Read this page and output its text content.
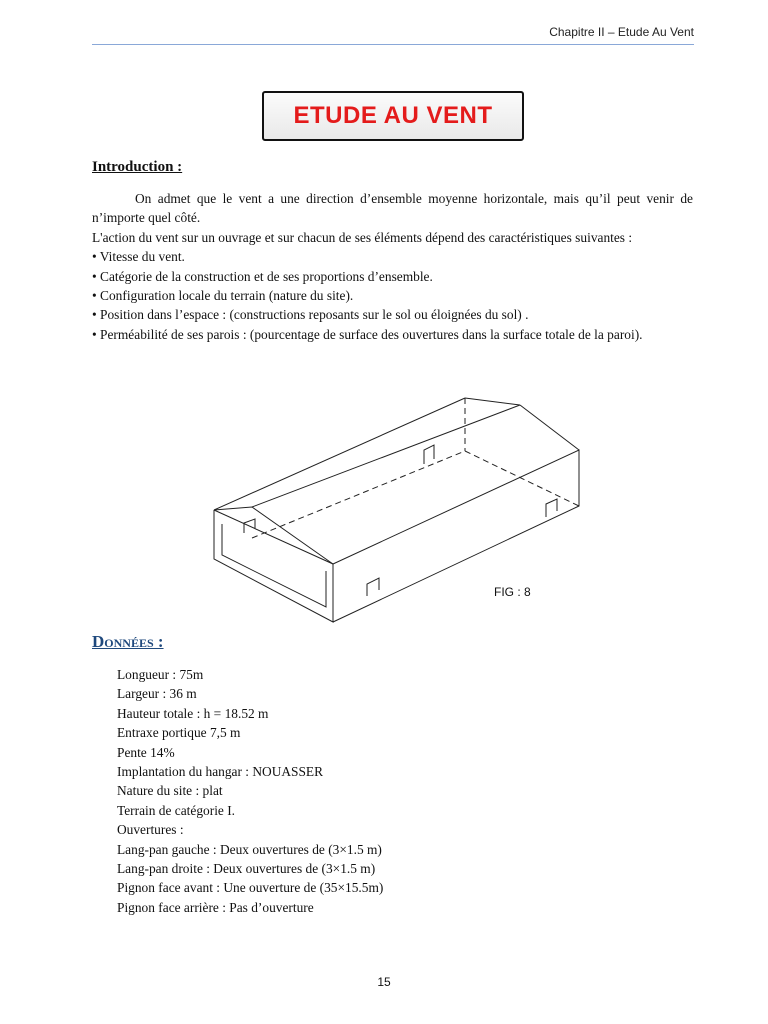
Chapitre II – Etude Au Vent
ETUDE AU VENT
Introduction :

On admet que le vent a une direction d’ensemble moyenne horizontale, mais qu’il peut venir de n’importe quel côté.

L'action du vent sur un ouvrage et sur chacun de ses éléments dépend des caractéristiques suivantes :

• Vitesse du vent.

• Catégorie de la construction et de ses proportions d’ensemble.

• Configuration locale du terrain (nature du site).

• Position dans l’espace : (constructions reposants sur le sol ou éloignées du sol) .

• Perméabilité de ses parois : (pourcentage de surface des ouvertures dans la surface totale de la paroi).

FIG : 8
Données :
Longueur : 75m
Largeur : 36 m
Hauteur totale : h = 18.52 m
Entraxe portique 7,5 m
Pente 14%
Implantation du hangar : NOUASSER
Nature du site : plat
Terrain de catégorie I.
Ouvertures :
Lang-pan gauche : Deux ouvertures de (3×1.5 m)
Lang-pan droite : Deux ouvertures de (3×1.5 m)
Pignon face avant : Une ouverture de (35×15.5m)
Pignon face arrière : Pas d’ouverture
15
